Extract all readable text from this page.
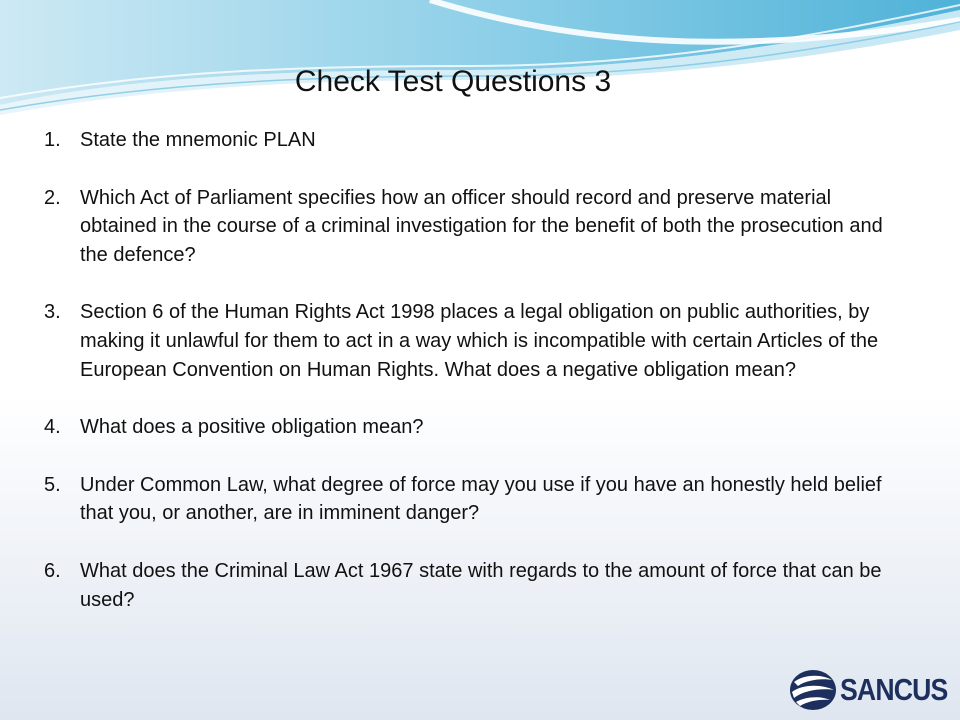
Check Test Questions 3
1. State the mnemonic PLAN
2. Which Act of Parliament specifies how an officer should record and preserve material obtained in the course of a criminal investigation for the benefit of both the prosecution and the defence?
3. Section 6 of the Human Rights Act 1998 places a legal obligation on public authorities, by making it unlawful for them to act in a way which is incompatible with certain Articles of the European Convention on Human Rights. What does a negative obligation mean?
4. What does a positive obligation mean?
5. Under Common Law, what degree of force may you use if you have an honestly held belief that you, or another, are in imminent danger?
6. What does the Criminal Law Act 1967 state with regards to the amount of force that can be used?
SANCUS
